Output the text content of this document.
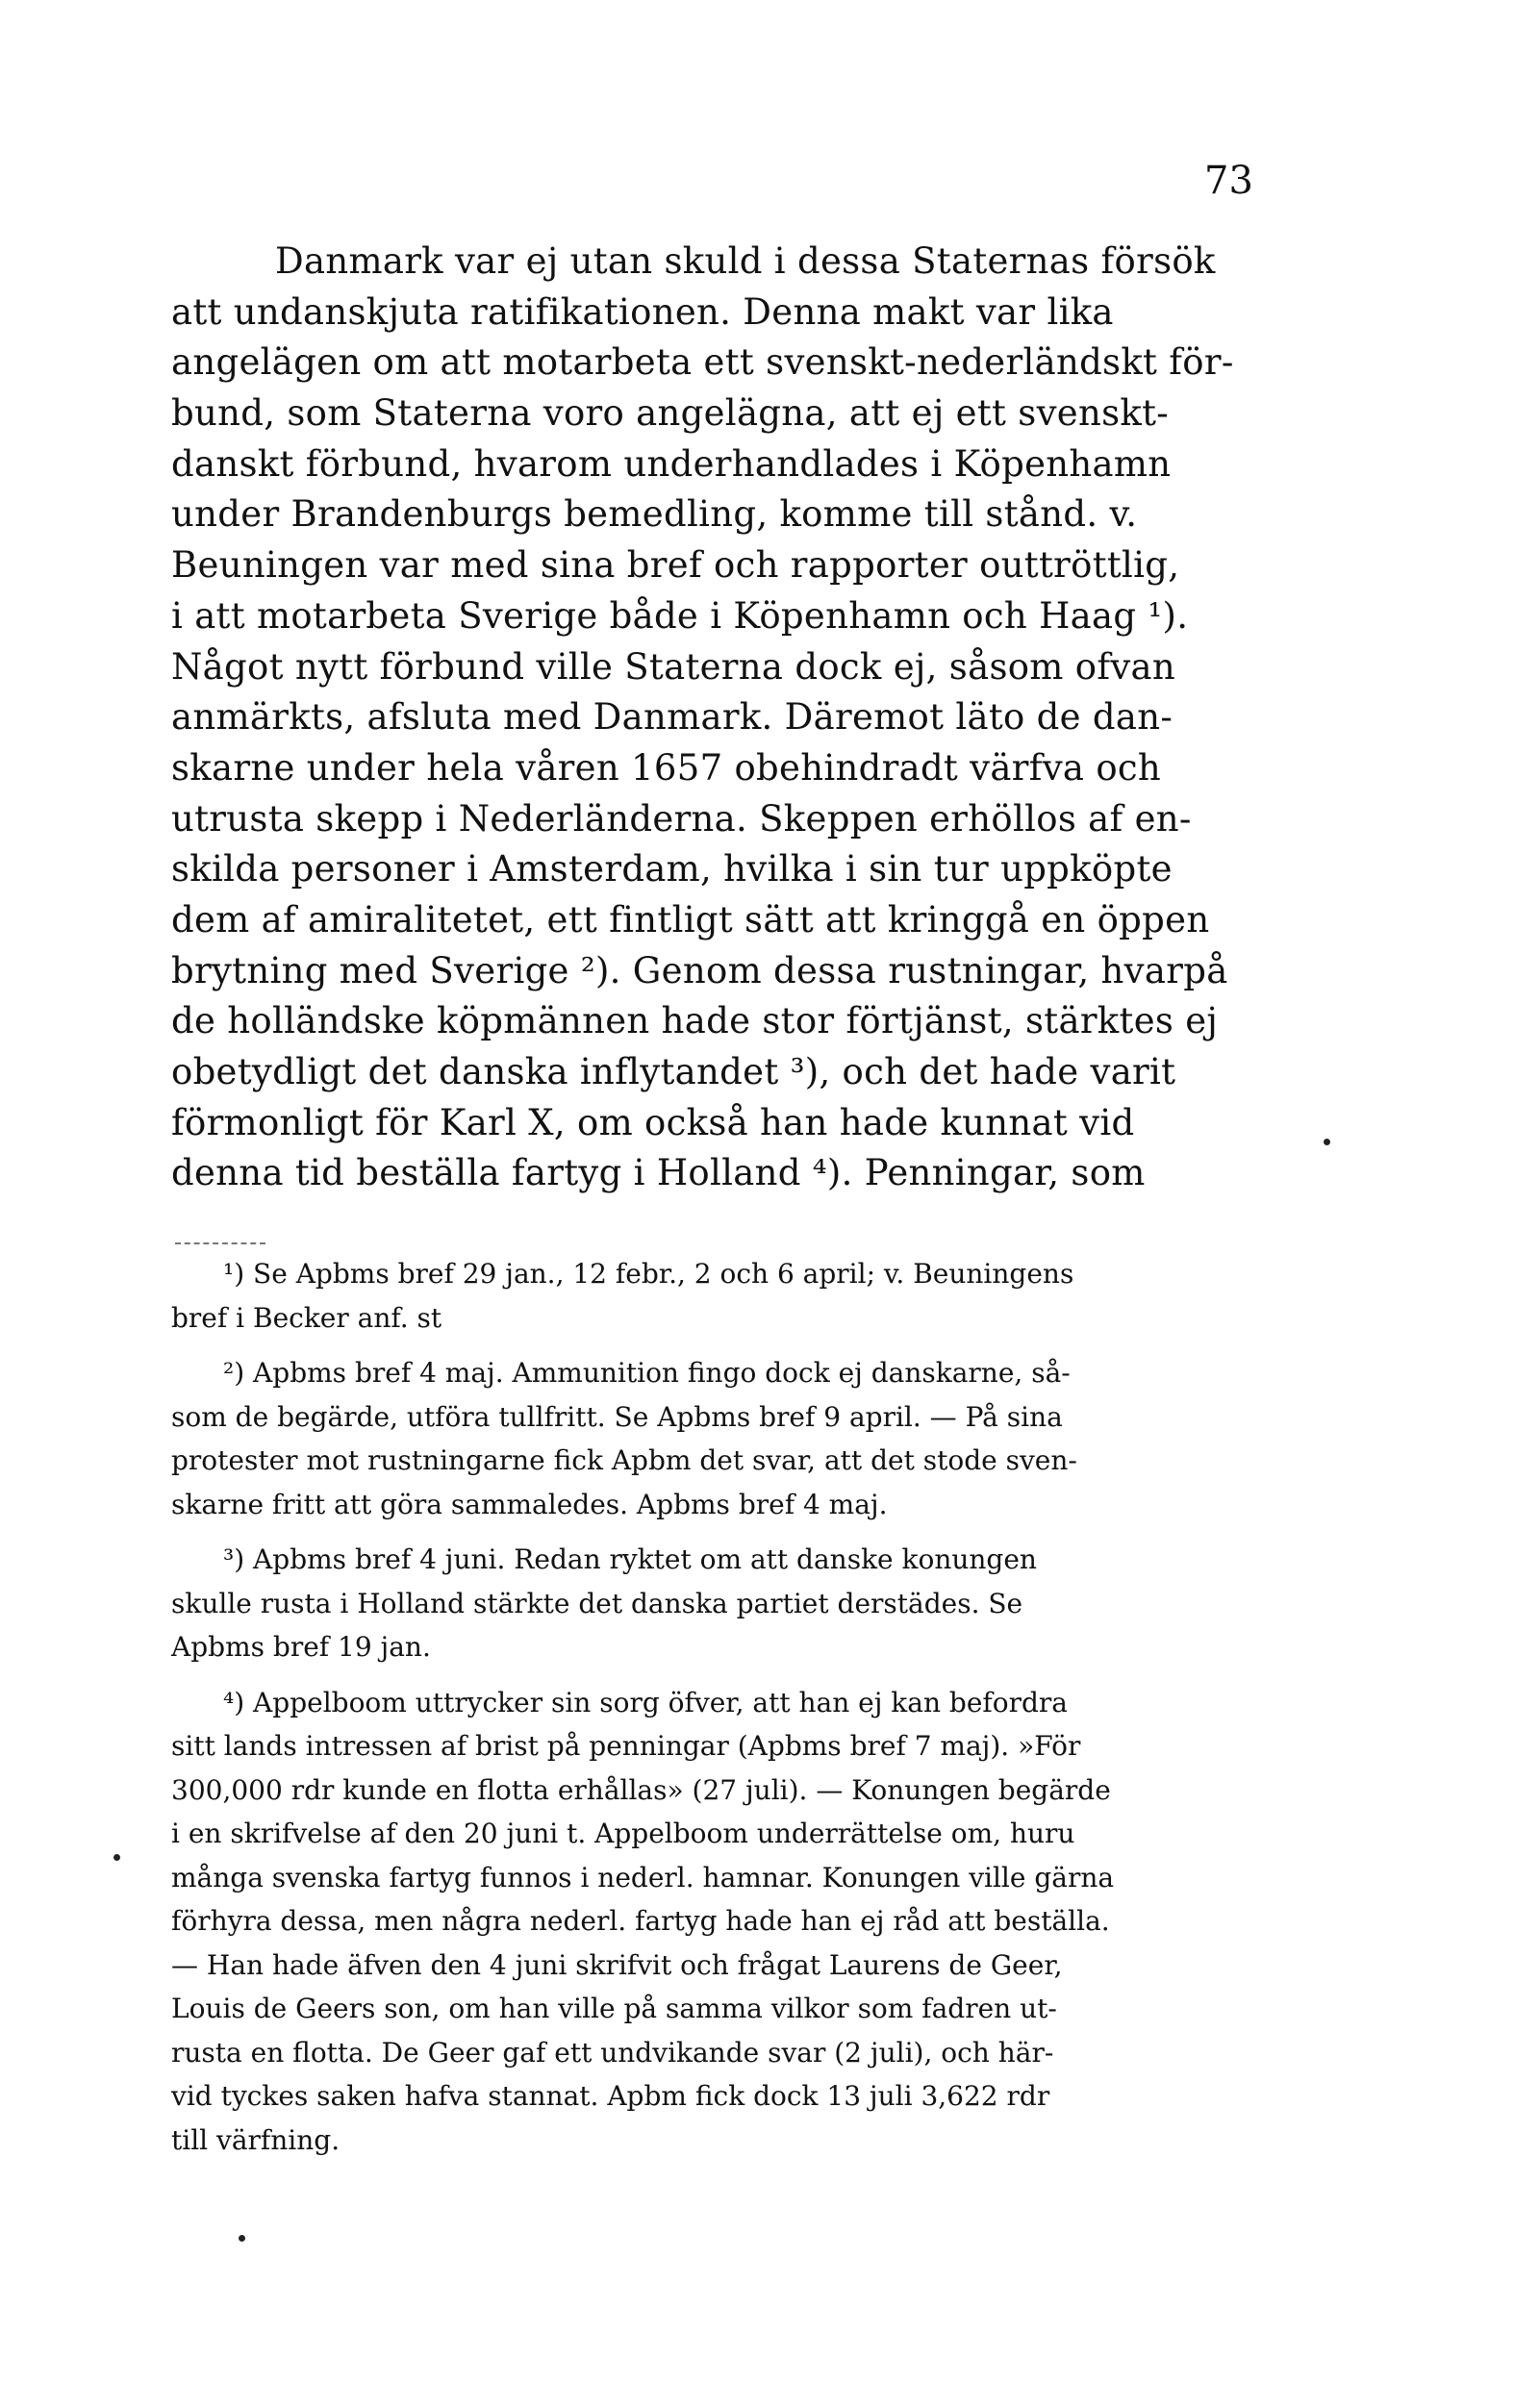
73
Danmark var ej utan skuld i dessa Staternas försök
att undanskjuta ratifikationen. Denna makt var lika
angelägen om att motarbeta ett svenskt-nederländskt för-
bund, som Staterna voro angelägna, att ej ett svenskt-
danskt förbund, hvarom underhandlades i Köpenhamn
under Brandenburgs bemedling, komme till stånd. v.
Beuningen var med sina bref och rapporter outtröttlig,
i att motarbeta Sverige både i Köpenhamn och Haag ¹).
Något nytt förbund ville Staterna dock ej, såsom ofvan
anmärkts, afsluta med Danmark. Däremot läto de dan-
skarne under hela våren 1657 obehindradt värfva och
utrusta skepp i Nederländerna. Skeppen erhöllos af en-
skilda personer i Amsterdam, hvilka i sin tur uppköpte
dem af amiralitetet, ett fintligt sätt att kringgå en öppen
brytning med Sverige ²). Genom dessa rustningar, hvarpå
de holländske köpmännen hade stor förtjänst, stärktes ej
obetydligt det danska inflytandet ³), och det hade varit
förmonligt för Karl X, om också han hade kunnat vid
denna tid beställa fartyg i Holland ⁴). Penningar, som
¹) Se Apbms bref 29 jan., 12 febr., 2 och 6 april; v. Beuningens
bref i Becker anf. st
²) Apbms bref 4 maj. Ammunition fingo dock ej danskarne, så-
som de begärde, utföra tullfritt. Se Apbms bref 9 april. — På sina
protester mot rustningarne fick Apbm det svar, att det stode sven-
skarne fritt att göra sammaledes. Apbms bref 4 maj.
³) Apbms bref 4 juni. Redan ryktet om att danske konungen
skulle rusta i Holland stärkte det danska partiet derstädes. Se
Apbms bref 19 jan.
⁴) Appelboom uttrycker sin sorg öfver, att han ej kan befordra
sitt lands intressen af brist på penningar (Apbms bref 7 maj). »För
300,000 rdr kunde en flotta erhållas» (27 juli). — Konungen begärde
i en skrifvelse af den 20 juni t. Appelboom underrättelse om, huru
många svenska fartyg funnos i nederl. hamnar. Konungen ville gärna
förhyra dessa, men några nederl. fartyg hade han ej råd att beställa.
— Han hade äfven den 4 juni skrifvit och frågat Laurens de Geer,
Louis de Geers son, om han ville på samma vilkor som fadren ut-
rusta en flotta. De Geer gaf ett undvikande svar (2 juli), och här-
vid tyckes saken hafva stannat. Apbm fick dock 13 juli 3,622 rdr
till värfning.
